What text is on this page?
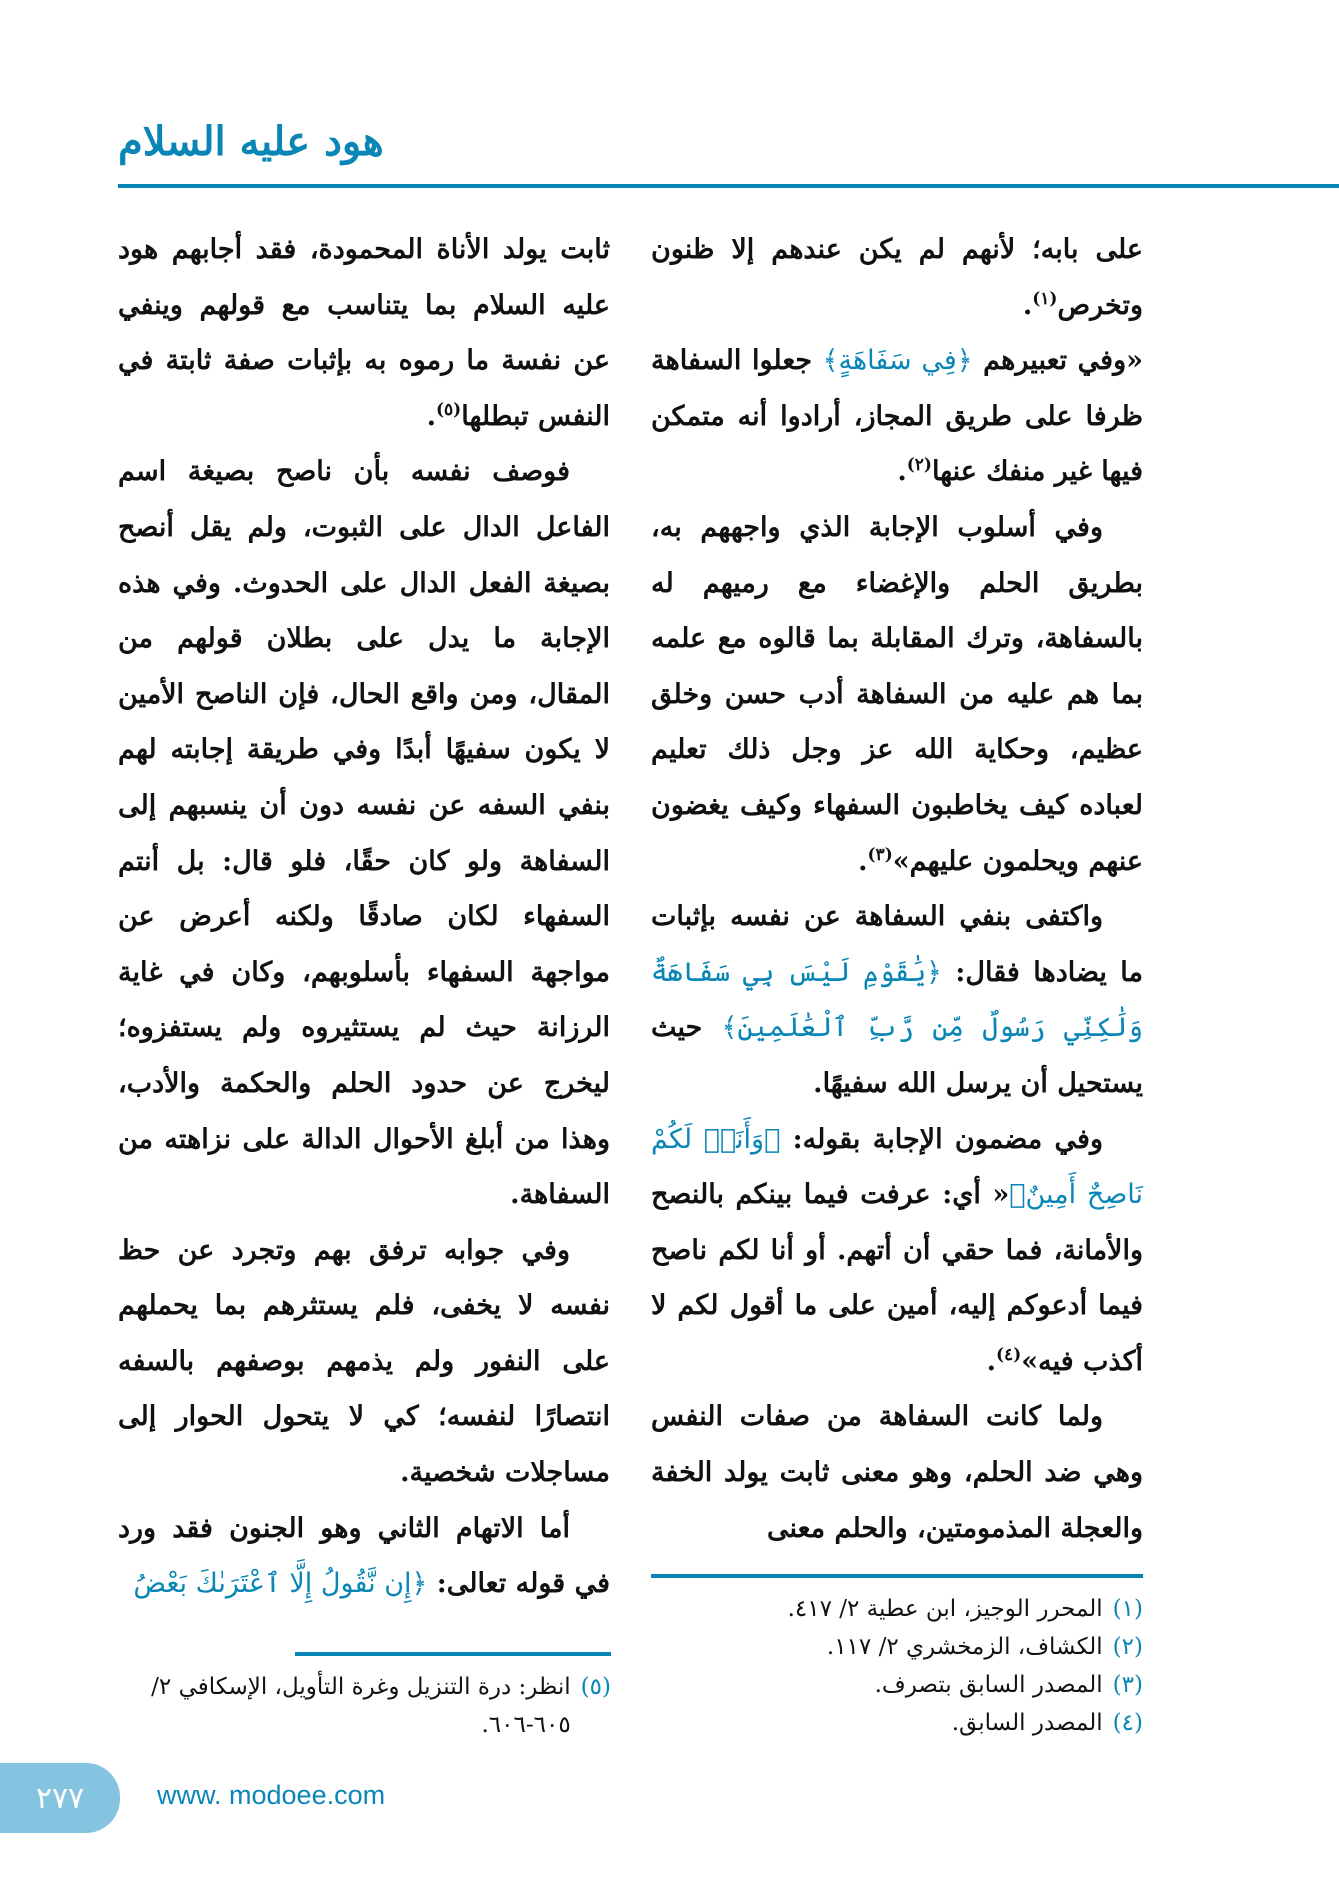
هود عليه السلام

على بابه؛ لأنهم لم يكن عندهم إلا ظنون وتخرص$^{(١)}$.

«وفي تعبيرهم ﴿فِي سَفَاهَةٍ﴾ جعلوا السفاهة ظرفا على طريق المجاز، أرادوا أنه متمكن فيها غير منفك عنها$^{(٢)}$.

وفي أسلوب الإجابة الذي واجههم به، بطريق الحلم والإغضاء مع رميهم له بالسفاهة، وترك المقابلة بما قالوه مع علمه بما هم عليه من السفاهة أدب حسن وخلق عظيم، وحكاية الله عز وجل ذلك تعليم لعباده كيف يخاطبون السفهاء وكيف يغضون عنهم ويحلمون عليهم»$^{(٣)}$.

واكتفى بنفي السفاهة عن نفسه بإثبات ما يضادها فقال: ﴿يَٰقَوْمِ لَيْسَ بِي سَفَاهَةٌ وَلَٰكِنِّي رَسُولٌ مِّن رَّبِّ ٱلْعَٰلَمِينَ﴾ حيث يستحيل أن يرسل الله سفيهًا.

وفي مضمون الإجابة بقوله: ﴿وَأَنَا۠ لَكُمْ نَاصِحٌ أَمِينٌ﴾« أي: عرفت فيما بينكم بالنصح والأمانة، فما حقي أن أتهم. أو أنا لكم ناصح فيما أدعوكم إليه، أمين على ما أقول لكم لا أكذب فيه»$^{(٤)}$.

ولما كانت السفاهة من صفات النفس وهي ضد الحلم، وهو معنى ثابت يولد الخفة والعجلة المذمومتين، والحلم معنى

ثابت يولد الأناة المحمودة، فقد أجابهم هود عليه السلام بما يتناسب مع قولهم وينفي عن نفسة ما رموه به بإثبات صفة ثابتة في النفس تبطلها$^{(٥)}$.

فوصف نفسه بأن ناصح بصيغة اسم الفاعل الدال على الثبوت، ولم يقل أنصح بصيغة الفعل الدال على الحدوث. وفي هذه الإجابة ما يدل على بطلان قولهم من المقال، ومن واقع الحال، فإن الناصح الأمين لا يكون سفيهًا أبدًا وفي طريقة إجابته لهم بنفي السفه عن نفسه دون أن ينسبهم إلى السفاهة ولو كان حقًا، فلو قال: بل أنتم السفهاء لكان صادقًا ولكنه أعرض عن مواجهة السفهاء بأسلوبهم، وكان في غاية الرزانة حيث لم يستثيروه ولم يستفزوه؛ ليخرج عن حدود الحلم والحكمة والأدب، وهذا من أبلغ الأحوال الدالة على نزاهته من السفاهة.

وفي جوابه ترفق بهم وتجرد عن حظ نفسه لا يخفى، فلم يستثرهم بما يحملهم على النفور ولم يذمهم بوصفهم بالسفه انتصارًا لنفسه؛ كي لا يتحول الحوار إلى مساجلات شخصية.

أما الاتهام الثاني وهو الجنون فقد ورد في قوله تعالى: ﴿إِن نَّقُولُ إِلَّا ٱعْتَرَىٰكَ بَعْضُ

(١)
المحرر الوجيز، ابن عطية ٢/ ٤١٧.
(٢)
الكشاف، الزمخشري ٢/ ١١٧.
(٣)
المصدر السابق بتصرف.
(٤)
المصدر السابق.
(٥)
انظر: درة التنزيل وغرة التأويل، الإسكافي ٢/ ٦٠٥-٦٠٦.
٢٧٧	www. modoee.com
